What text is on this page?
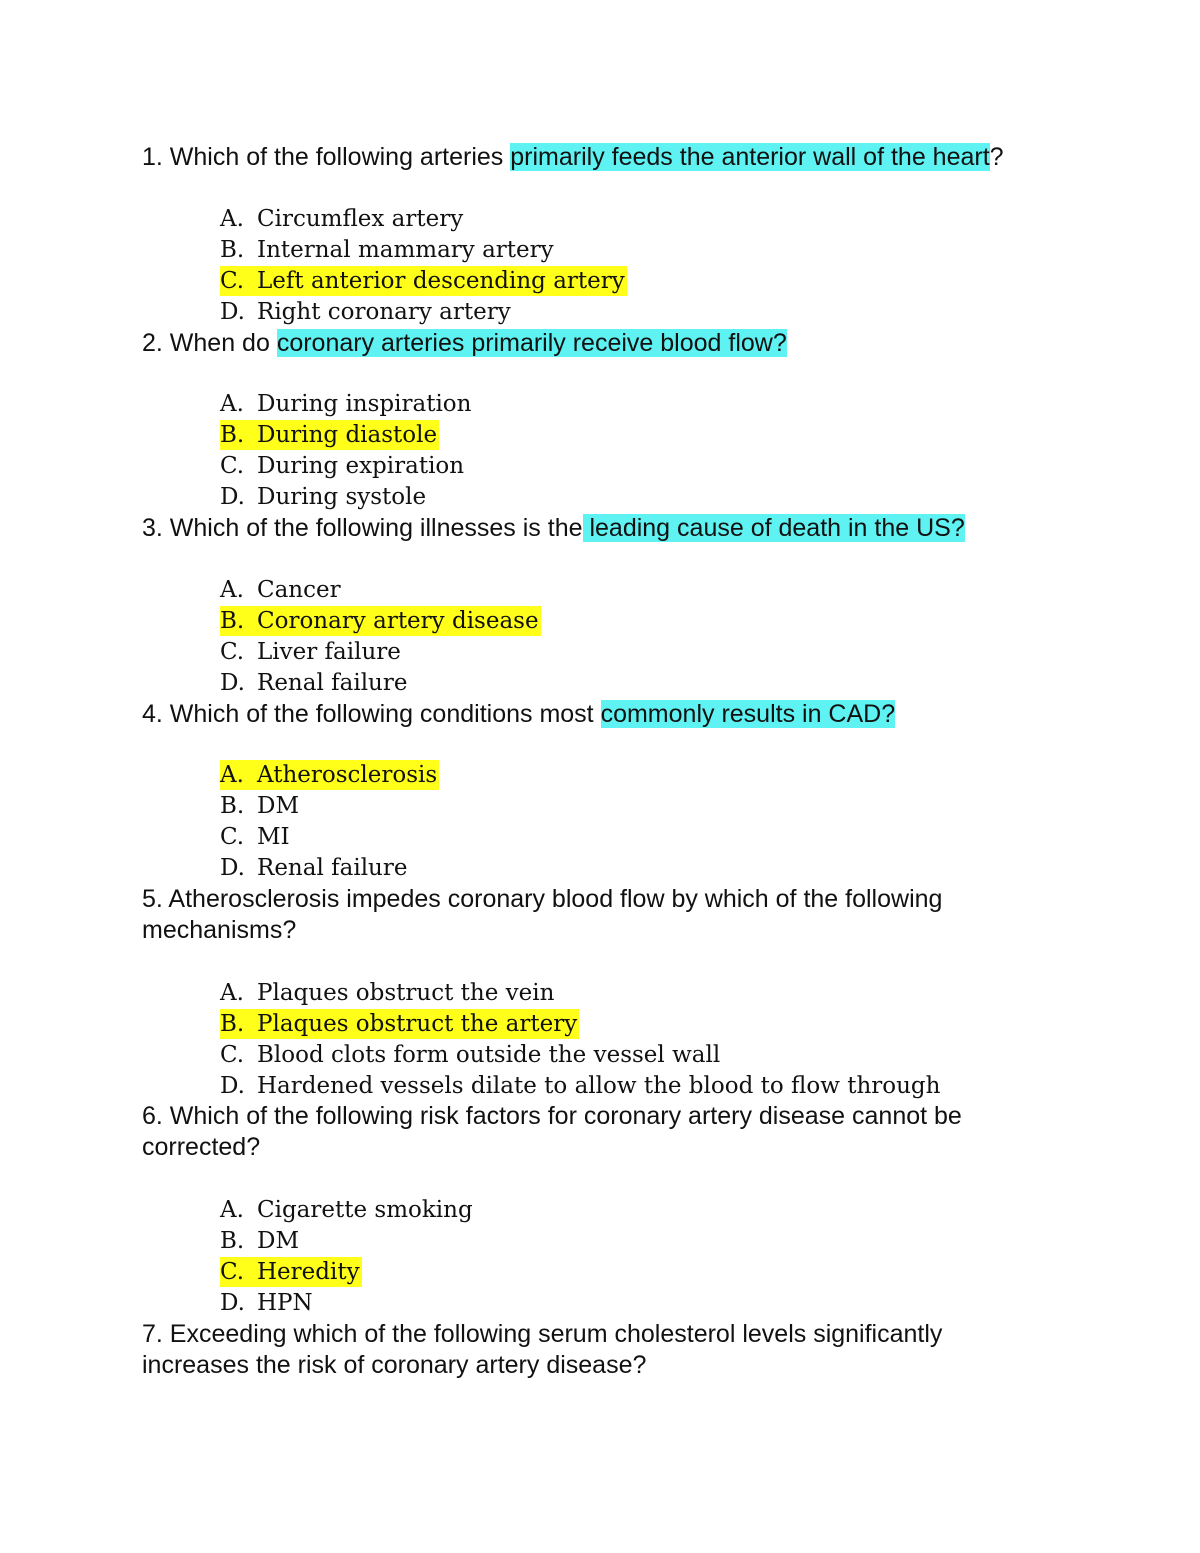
1. Which of the following arteries primarily feeds the anterior wall of the heart?

A. Circumflex artery
B. Internal mammary artery
C. Left anterior descending artery
D. Right coronary artery

2. When do coronary arteries primarily receive blood flow?

A. During inspiration
B. During diastole
C. During expiration
D. During systole

3. Which of the following illnesses is the leading cause of death in the US?

A. Cancer
B. Coronary artery disease
C. Liver failure
D. Renal failure

4. Which of the following conditions most commonly results in CAD?

A. Atherosclerosis
B. DM
C. MI
D. Renal failure

5. Atherosclerosis impedes coronary blood flow by which of the following mechanisms?

A. Plaques obstruct the vein
B. Plaques obstruct the artery
C. Blood clots form outside the vessel wall
D. Hardened vessels dilate to allow the blood to flow through

6. Which of the following risk factors for coronary artery disease cannot be corrected?

A. Cigarette smoking
B. DM
C. Heredity
D. HPN

7. Exceeding which of the following serum cholesterol levels significantly increases the risk of coronary artery disease?
